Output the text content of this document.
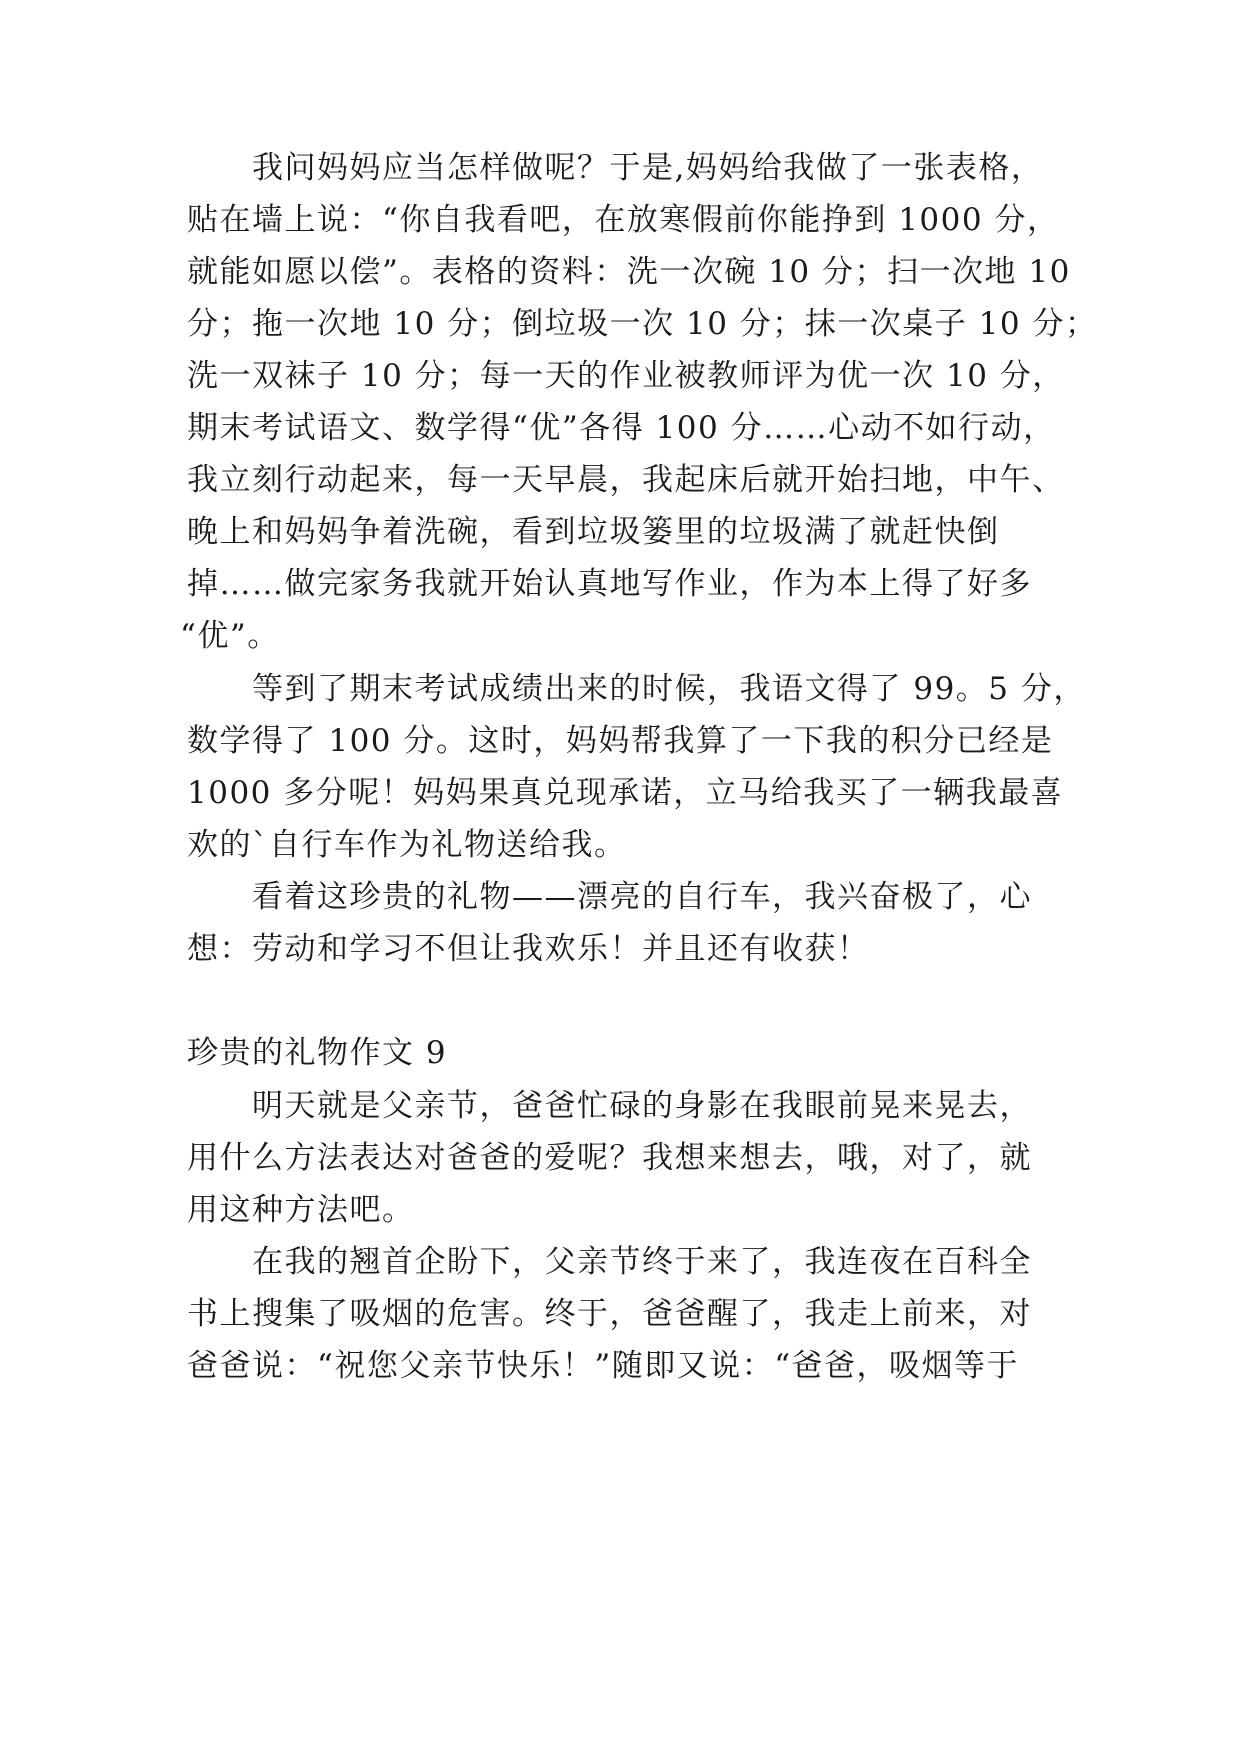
我问妈妈应当怎样做呢？于是,妈妈给我做了一张表格，
贴在墙上说：“你自我看吧，在放寒假前你能挣到 1000 分，
就能如愿以偿”。表格的资料：洗一次碗 10 分；扫一次地 10
分；拖一次地 10 分；倒垃圾一次 10 分；抹一次桌子 10 分；
洗一双袜子 10 分；每一天的作业被教师评为优一次 10 分，
期末考试语文、数学得“优”各得 100 分……心动不如行动，
我立刻行动起来，每一天早晨，我起床后就开始扫地，中午、
晚上和妈妈争着洗碗，看到垃圾篓里的垃圾满了就赶快倒
掉……做完家务我就开始认真地写作业，作为本上得了好多
“优”。
等到了期末考试成绩出来的时候，我语文得了 99。5 分，
数学得了 100 分。这时，妈妈帮我算了一下我的积分已经是
1000 多分呢！妈妈果真兑现承诺，立马给我买了一辆我最喜
欢的`自行车作为礼物送给我。
看着这珍贵的礼物——漂亮的自行车，我兴奋极了，心
想：劳动和学习不但让我欢乐！并且还有收获！
珍贵的礼物作文 9
明天就是父亲节，爸爸忙碌的身影在我眼前晃来晃去，
用什么方法表达对爸爸的爱呢？我想来想去，哦，对了，就
用这种方法吧。
在我的翘首企盼下，父亲节终于来了，我连夜在百科全
书上搜集了吸烟的危害。终于，爸爸醒了，我走上前来，对
爸爸说：“祝您父亲节快乐！”随即又说：“爸爸，吸烟等于
